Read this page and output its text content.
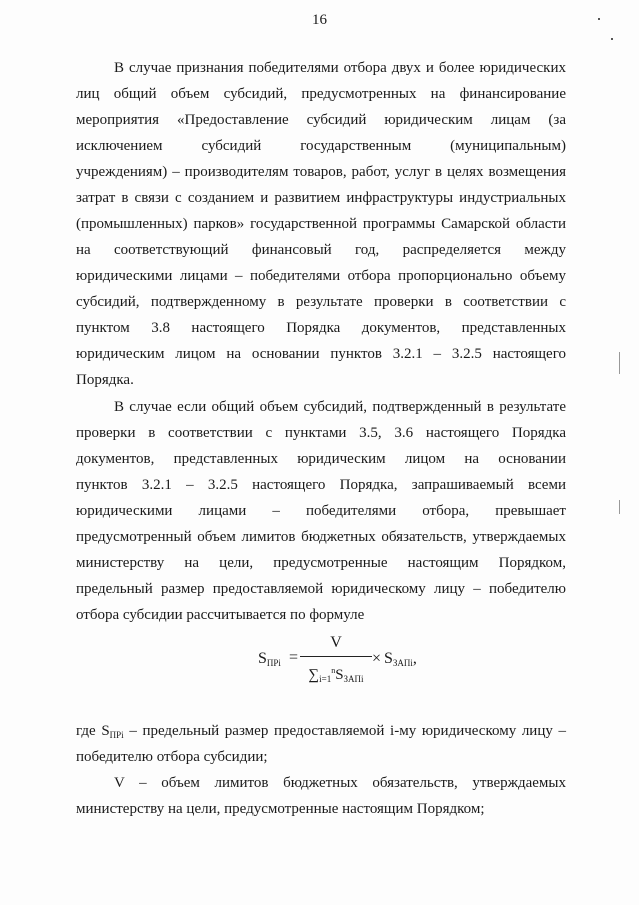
16

В случае признания победителями отбора двух и более юридических

лиц общий объем субсидий, предусмотренных на финансирование

мероприятия «Предоставление субсидий юридическим лицам (за

исключением субсидий государственным (муниципальным)

учреждениям) – производителям товаров, работ, услуг в целях возмещения

затрат в связи с созданием и развитием инфраструктуры индустриальных

(промышленных) парков» государственной программы Самарской области

на соответствующий финансовый год, распределяется между

юридическими лицами – победителями отбора пропорционально объему

субсидий, подтвержденному в результате проверки в соответствии с

пунктом 3.8 настоящего Порядка документов, представленных

юридическим лицом на основании пунктов 3.2.1 – 3.2.5 настоящего

Порядка.

В случае если общий объем субсидий, подтвержденный в результате

проверки в соответствии с пунктами 3.5, 3.6 настоящего Порядка

документов, представленных юридическим лицом на основании

пунктов 3.2.1 – 3.2.5 настоящего Порядка, запрашиваемый всеми

юридическими лицами – победителями отбора, превышает

предусмотренный объем лимитов бюджетных обязательств, утверждаемых

министерству на цели, предусмотренные настоящим Порядком,

предельный размер предоставляемой юридическому лицу – победителю

отбора субсидии рассчитывается по формуле

$S_{ПРi}$ =
V
$\sum_{i=1}^nS_{ЗАПi}$
× $S_{ЗАПi}$,

где $S_{ПРi}$ – предельный размер предоставляемой i-му юридическому лицу –

победителю отбора субсидии;

V – объем лимитов бюджетных обязательств, утверждаемых

министерству на цели, предусмотренные настоящим Порядком;
